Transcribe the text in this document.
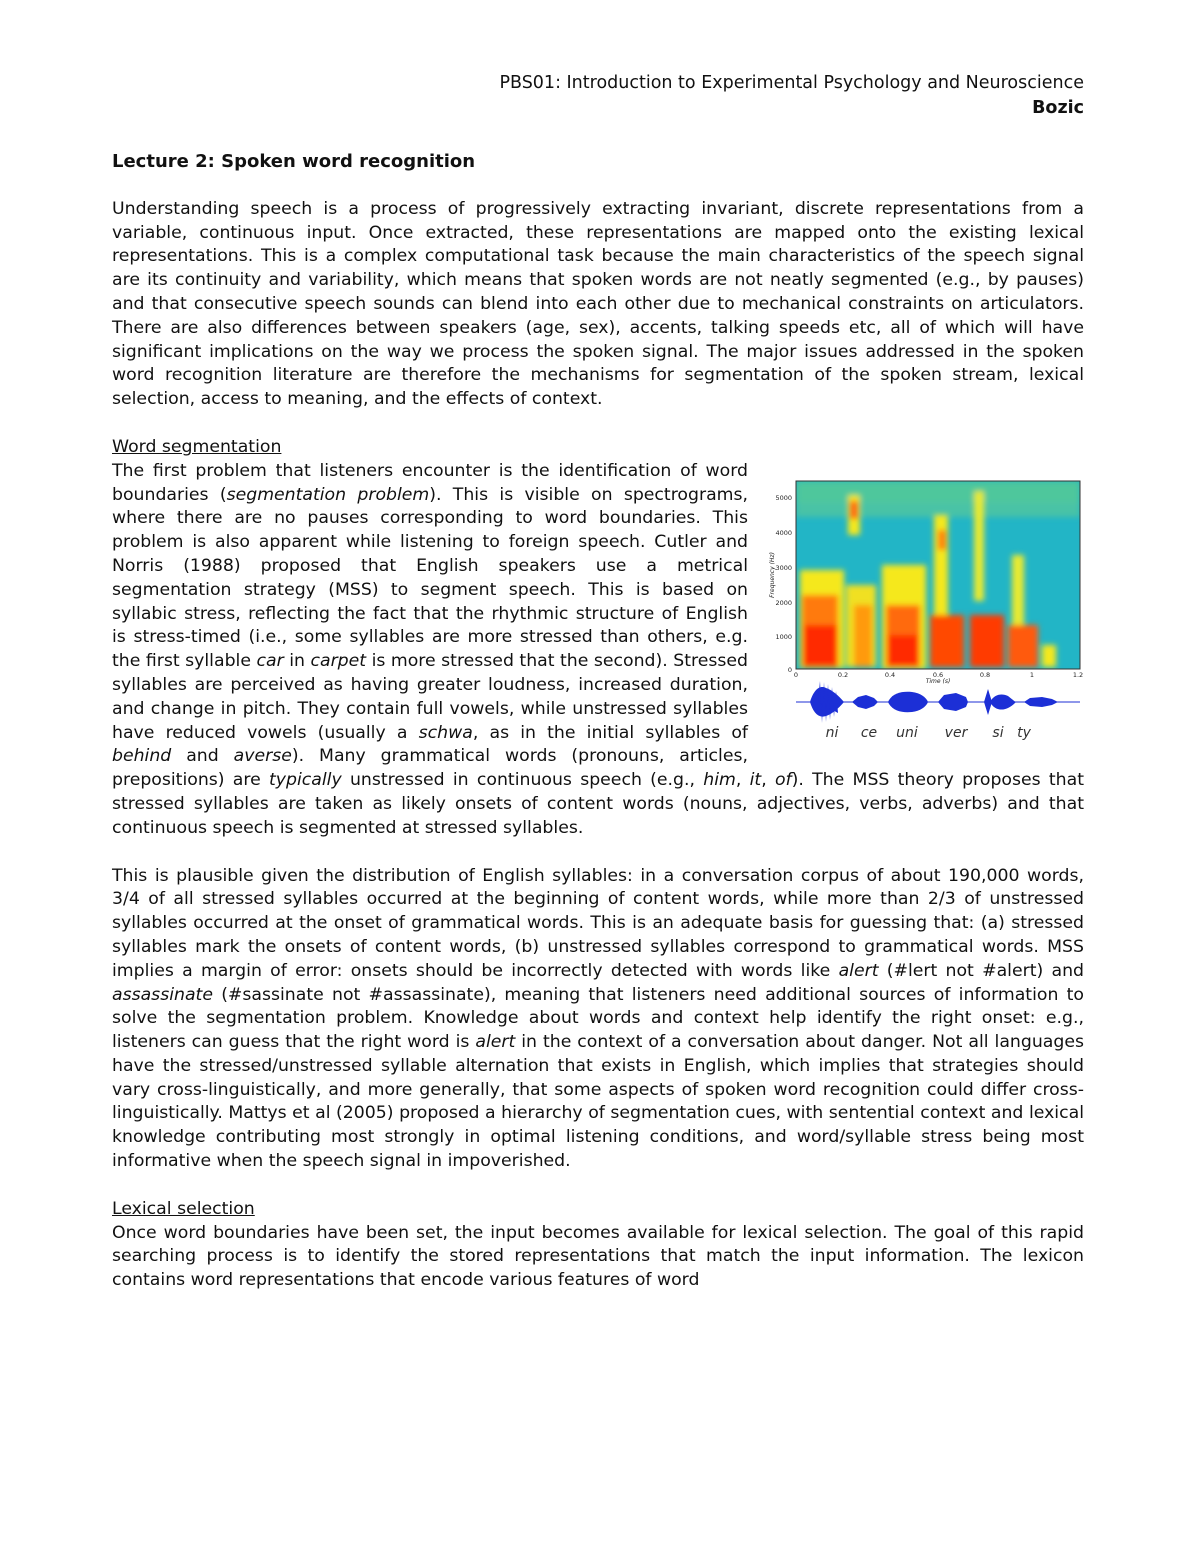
PBS01: Introduction to Experimental Psychology and Neuroscience
Bozic

Lecture 2: Spoken word recognition

Understanding speech is a process of progressively extracting invariant, discrete representations from a variable, continuous input. Once extracted, these representations are mapped onto the existing lexical representations. This is a complex computational task because the main characteristics of the speech signal are its continuity and variability, which means that spoken words are not neatly segmented (e.g., by pauses) and that consecutive speech sounds can blend into each other due to mechanical constraints on articulators. There are also differences between speakers (age, sex), accents, talking speeds etc, all of which will have significant implications on the way we process the spoken signal. The major issues addressed in the spoken word recognition literature are therefore the mechanisms for segmentation of the spoken stream, lexical selection, access to meaning, and the effects of context.

Word segmentation

5000
4000
3000
2000
1000
0
Frequency (Hz)
0	0.2	0.4	0.6	0.8	1	1.2
Time (s)
ni ce uni ver si ty

The first problem that listeners encounter is the identification of word boundaries (segmentation problem). This is visible on spectrograms, where there are no pauses corresponding to word boundaries. This problem is also apparent while listening to foreign speech. Cutler and Norris (1988) proposed that English speakers use a metrical segmentation strategy (MSS) to segment speech. This is based on syllabic stress, reflecting the fact that the rhythmic structure of English is stress-timed (i.e., some syllables are more stressed than others, e.g. the first syllable car in carpet is more stressed that the second). Stressed syllables are perceived as having greater loudness, increased duration, and change in pitch. They contain full vowels, while unstressed syllables have reduced vowels (usually a schwa, as in the initial syllables of behind and averse). Many grammatical words (pronouns, articles, prepositions) are typically unstressed in continuous speech (e.g., him, it, of). The MSS theory proposes that stressed syllables are taken as likely onsets of content words (nouns, adjectives, verbs, adverbs) and that continuous speech is segmented at stressed syllables.

This is plausible given the distribution of English syllables: in a conversation corpus of about 190,000 words, 3/4 of all stressed syllables occurred at the beginning of content words, while more than 2/3 of unstressed syllables occurred at the onset of grammatical words. This is an adequate basis for guessing that: (a) stressed syllables mark the onsets of content words, (b) unstressed syllables correspond to grammatical words. MSS implies a margin of error: onsets should be incorrectly detected with words like alert (#lert not #alert) and assassinate (#sassinate not #assassinate), meaning that listeners need additional sources of information to solve the segmentation problem. Knowledge about words and context help identify the right onset: e.g., listeners can guess that the right word is alert in the context of a conversation about danger. Not all languages have the stressed/unstressed syllable alternation that exists in English, which implies that strategies should vary cross-linguistically, and more generally, that some aspects of spoken word recognition could differ cross-linguistically. Mattys et al (2005) proposed a hierarchy of segmentation cues, with sentential context and lexical knowledge contributing most strongly in optimal listening conditions, and word/syllable stress being most informative when the speech signal in impoverished.

Lexical selection

Once word boundaries have been set, the input becomes available for lexical selection. The goal of this rapid searching process is to identify the stored representations that match the input information. The lexicon contains word representations that encode various features of word
